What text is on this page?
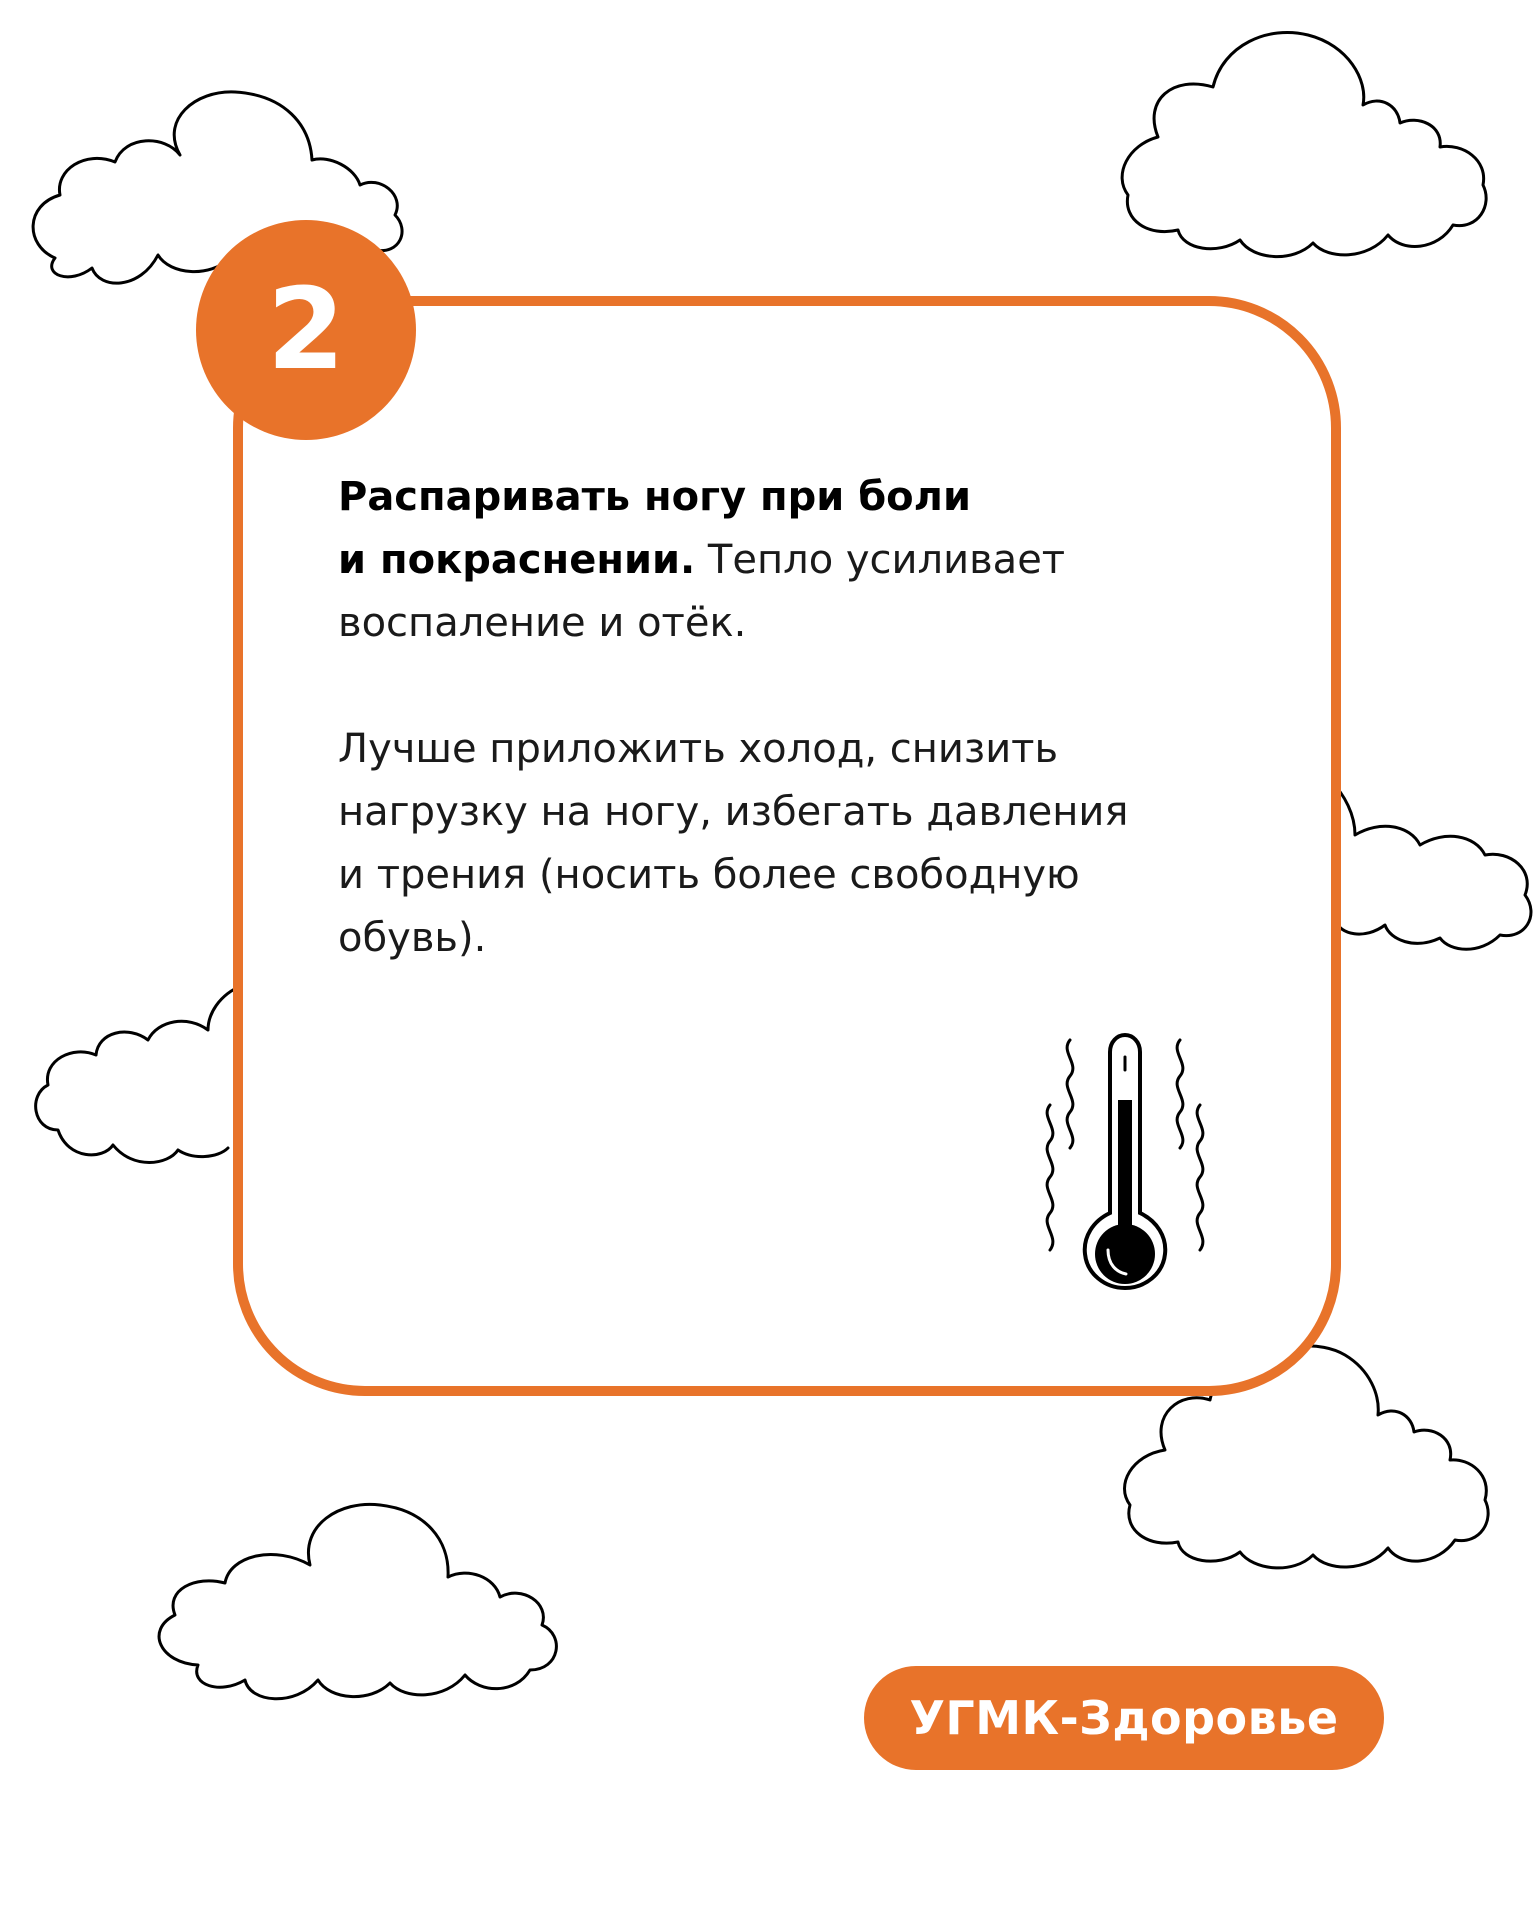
2

Распаривать ногу при боли

и покраснении. Тепло усиливает

воспаление и отёк.

Лучше приложить холод, снизить

нагрузку на ногу, избегать давления

и трения (носить более свободную

обувь).

УГМК-Здоровье
